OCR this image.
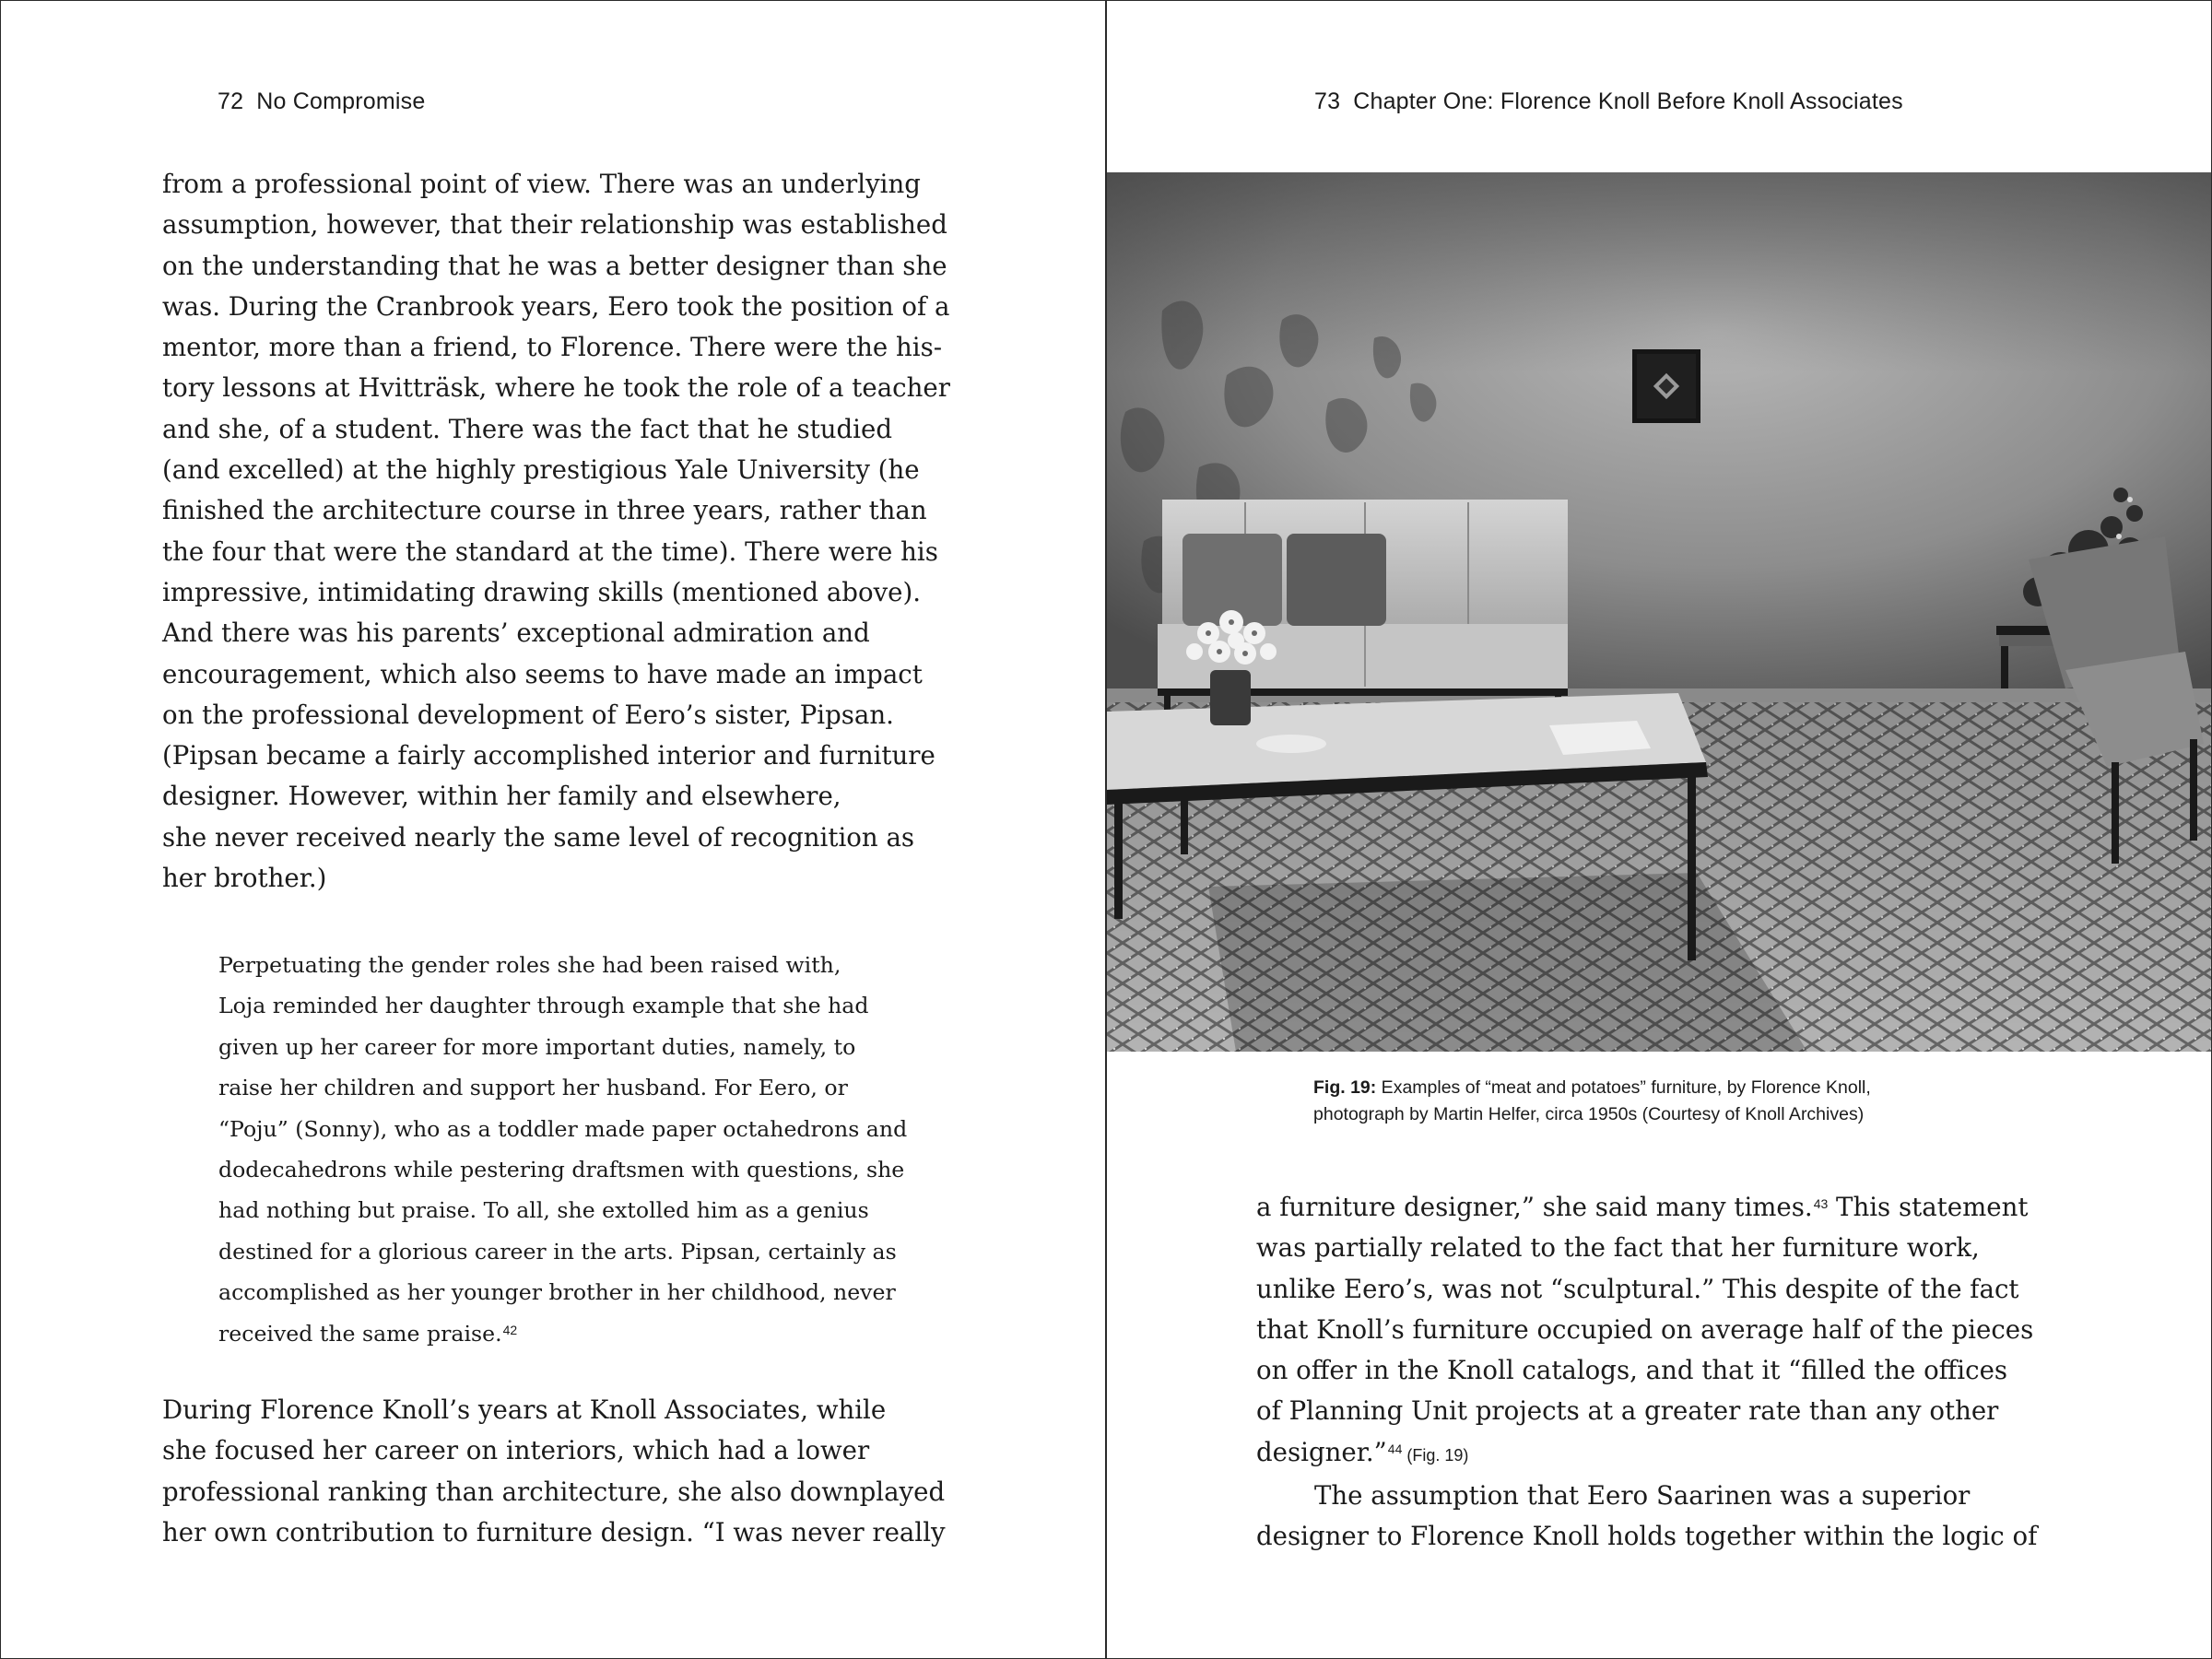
72 No Compromise

from a professional point of view. There was an underlying
assumption, however, that their relationship was established
on the understanding that he was a better designer than she
was. During the Cranbrook years, Eero took the position of a
mentor, more than a friend, to Florence. There were the his-
tory lessons at Hvitträsk, where he took the role of a teacher
and she, of a student. There was the fact that he studied
(and excelled) at the highly prestigious Yale University (he
finished the architecture course in three years, rather than
the four that were the standard at the time). There were his
impressive, intimidating drawing skills (mentioned above).
And there was his parents’ exceptional admiration and
encouragement, which also seems to have made an impact
on the professional development of Eero’s sister, Pipsan.
(Pipsan became a fairly accomplished interior and furniture
designer. However, within her family and elsewhere,
she never received nearly the same level of recognition as
her brother.)

Perpetuating the gender roles she had been raised with,
Loja reminded her daughter through example that she had
given up her career for more important duties, namely, to
raise her children and support her husband. For Eero, or
“Poju” (Sonny), who as a toddler made paper octahedrons and
dodecahedrons while pestering draftsmen with questions, she
had nothing but praise. To all, she extolled him as a genius
destined for a glorious career in the arts. Pipsan, certainly as
accomplished as her younger brother in her childhood, never
received the same praise.$^{42}$

During Florence Knoll’s years at Knoll Associates, while
she focused her career on interiors, which had a lower
professional ranking than architecture, she also downplayed
her own contribution to furniture design. “I was never really

73 Chapter One: Florence Knoll Before Knoll Associates

Fig. 19: Examples of “meat and potatoes” furniture, by Florence Knoll,
photograph by Martin Helfer, circa 1950s (Courtesy of Knoll Archives)

a furniture designer,” she said many times.$^{43}$ This statement
was partially related to the fact that her furniture work,
unlike Eero’s, was not “sculptural.” This despite of the fact
that Knoll’s furniture occupied on average half of the pieces
on offer in the Knoll catalogs, and that it “filled the offices
of Planning Unit projects at a greater rate than any other
designer.”$^{44}$ (Fig. 19)
The assumption that Eero Saarinen was a superior
designer to Florence Knoll holds together within the logic of
